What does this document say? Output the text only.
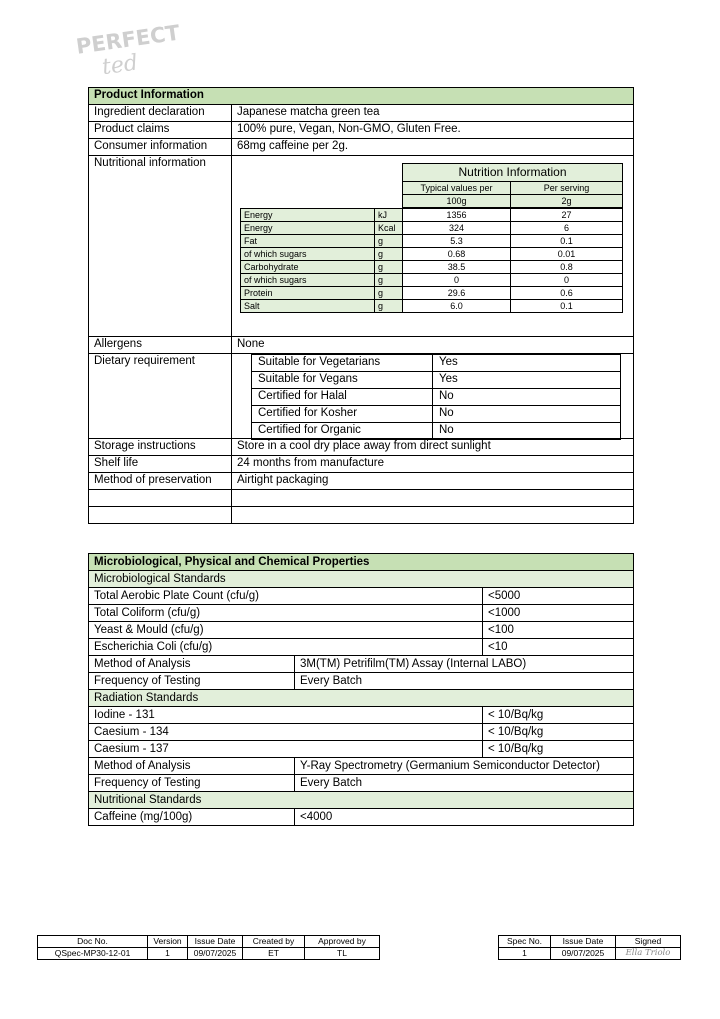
PERFECT
ted
Product Information
Ingredient declaration	Japanese matcha green tea
Product claims	100% pure, Vegan, Non-GMO, Gluten Free.
Consumer information	68mg caffeine per 2g.
Nutritional information	
Nutrition Information
Typical values per	Per serving
100g	2g
Energy	kJ	1356	27
Energy	Kcal	324	6
Fat	g	5.3	0.1
of which sugars	g	0.68	0.01
Carbohydrate	g	38.5	0.8
of which sugars	g	0	0
Protein	g	29.6	0.6
Salt	g	6.0	0.1

Allergens	None
Dietary requirement		Suitable for Vegetarians	Yes
Suitable for Vegans	Yes
Certified for Halal	No
Certified for Kosher	No
Certified for Organic	No

Storage instructions	Store in a cool dry place away from direct sunlight
Shelf life	24 months from manufacture
Method of preservation	Airtight packaging

Microbiological, Physical and Chemical Properties		
Microbiological Standards		
Total Aerobic Plate Count (cfu/g)		<5000
Total Coliform (cfu/g)		<1000
Yeast & Mould (cfu/g)		<100
Escherichia Coli (cfu/g)		<10
Method of Analysis	3M(TM) Petrifilm(TM) Assay (Internal LABO)	
Frequency of Testing	Every Batch	
Radiation Standards		
Iodine - 131		< 10/Bq/kg
Caesium - 134		< 10/Bq/kg
Caesium - 137		< 10/Bq/kg
Method of Analysis	Y-Ray Spectrometry (Germanium Semiconductor Detector)	
Frequency of Testing	Every Batch	
Nutritional Standards		
Caffeine (mg/100g)	<4000	
Doc No.	Version	Issue Date	Created by	Approved by
QSpec-MP30-12-01	1	09/07/2025	ET	TL
Spec No.	Issue Date	Signed
1	09/07/2025	Ella Triolo
